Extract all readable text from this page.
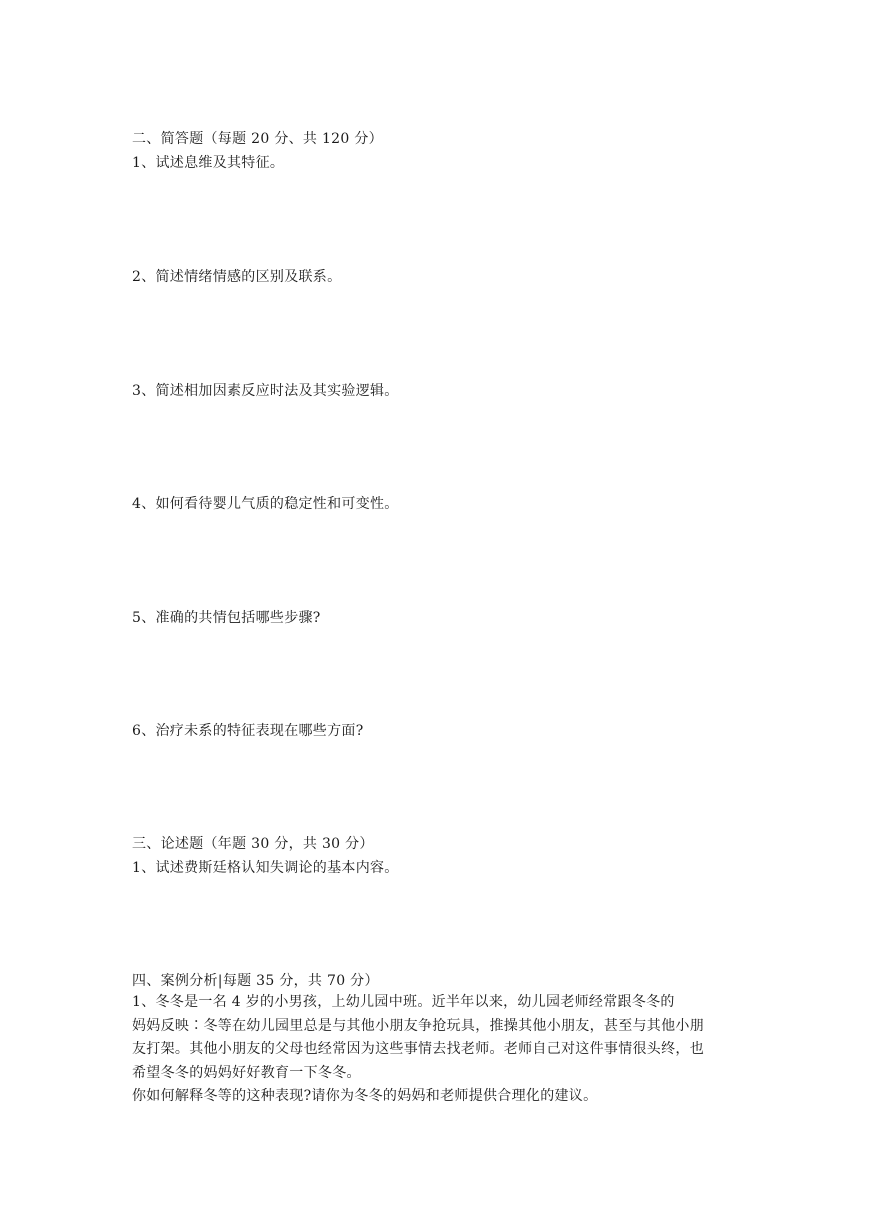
二、简答题（每题 20 分、共 120 分）
1、试述息维及其特征。
2、简述情绪情感的区别及联系。
3、简述相加因素反应时法及其实验逻辑。
4、如何看待婴儿气质的稳定性和可变性。
5、准确的共情包括哪些步骤?
6、治疗未系的特征表现在哪些方面?
三、论述题（年题 30 分，共 30 分）
1、试述费斯廷格认知失调论的基本内容。
四、案例分析|每题 35 分，共 70 分）
1、冬冬是一名 4 岁的小男孩，上幼儿园中班。近半年以来，幼儿园老师经常跟冬冬的
妈妈反映∶冬等在幼儿园里总是与其他小朋友争抢玩具，推操其他小朋友，甚至与其他小朋
友打架。其他小朋友的父母也经常因为这些事情去找老师。老师自己对这件事情很头终，也
希望冬冬的妈妈好好教育一下冬冬。
你如何解释冬等的这种表现?请你为冬冬的妈妈和老师提供合理化的建议。
